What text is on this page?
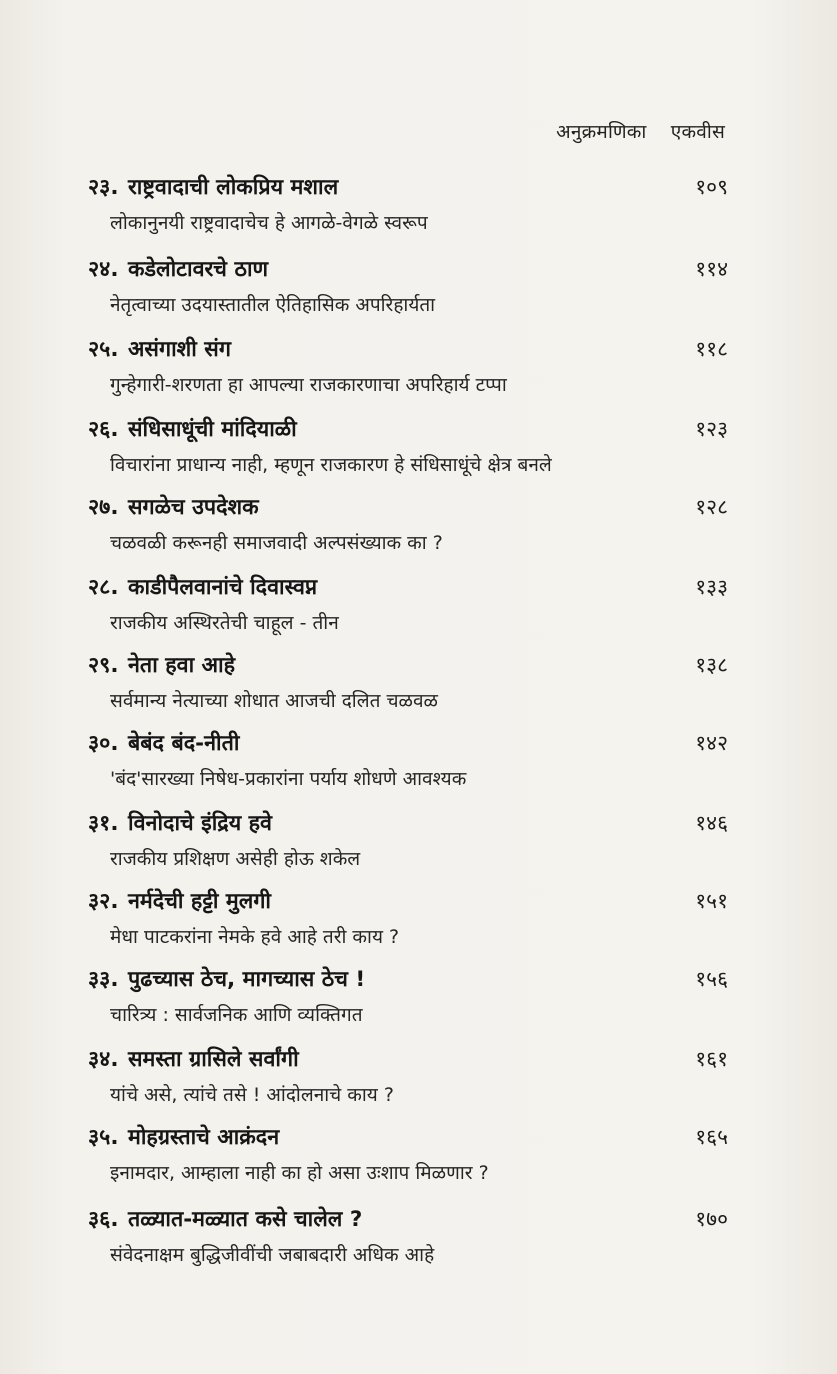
अनुक्रमणिका एकवीस
२३. राष्ट्रवादाची लोकप्रिय मशाल	१०९
लोकानुनयी राष्ट्रवादाचेच हे आगळे-वेगळे स्वरूप
२४. कडेलोटावरचे ठाण	११४
नेतृत्वाच्या उदयास्तातील ऐतिहासिक अपरिहार्यता
२५. असंगाशी संग	११८
गुन्हेगारी-शरणता हा आपल्या राजकारणाचा अपरिहार्य टप्पा
२६. संधिसाधूंची मांदियाळी	१२३
विचारांना प्राधान्य नाही, म्हणून राजकारण हे संधिसाधूंचे क्षेत्र बनले
२७. सगळेच उपदेशक	१२८
चळवळी करूनही समाजवादी अल्पसंख्याक का ?
२८. काडीपैलवानांचे दिवास्वप्न	१३३
राजकीय अस्थिरतेची चाहूल - तीन
२९. नेता हवा आहे	१३८
सर्वमान्य नेत्याच्या शोधात आजची दलित चळवळ
३०. बेबंद बंद-नीती	१४२
'बंद'सारख्या निषेध-प्रकारांना पर्याय शोधणे आवश्यक
३१. विनोदाचे इंद्रिय हवे	१४६
राजकीय प्रशिक्षण असेही होऊ शकेल
३२. नर्मदेची हट्टी मुलगी	१५१
मेधा पाटकरांना नेमके हवे आहे तरी काय ?
३३. पुढच्यास ठेच, मागच्यास ठेच !	१५६
चारित्र्य : सार्वजनिक आणि व्यक्तिगत
३४. समस्ता ग्रासिले सर्वांगी	१६१
यांचे असे, त्यांचे तसे ! आंदोलनाचे काय ?
३५. मोहग्रस्ताचे आक्रंदन	१६५
इनामदार, आम्हाला नाही का हो असा उःशाप मिळणार ?
३६. तळ्यात-मळ्यात कसे चालेल ?	१७०
संवेदनाक्षम बुद्धिजीवींची जबाबदारी अधिक आहे
